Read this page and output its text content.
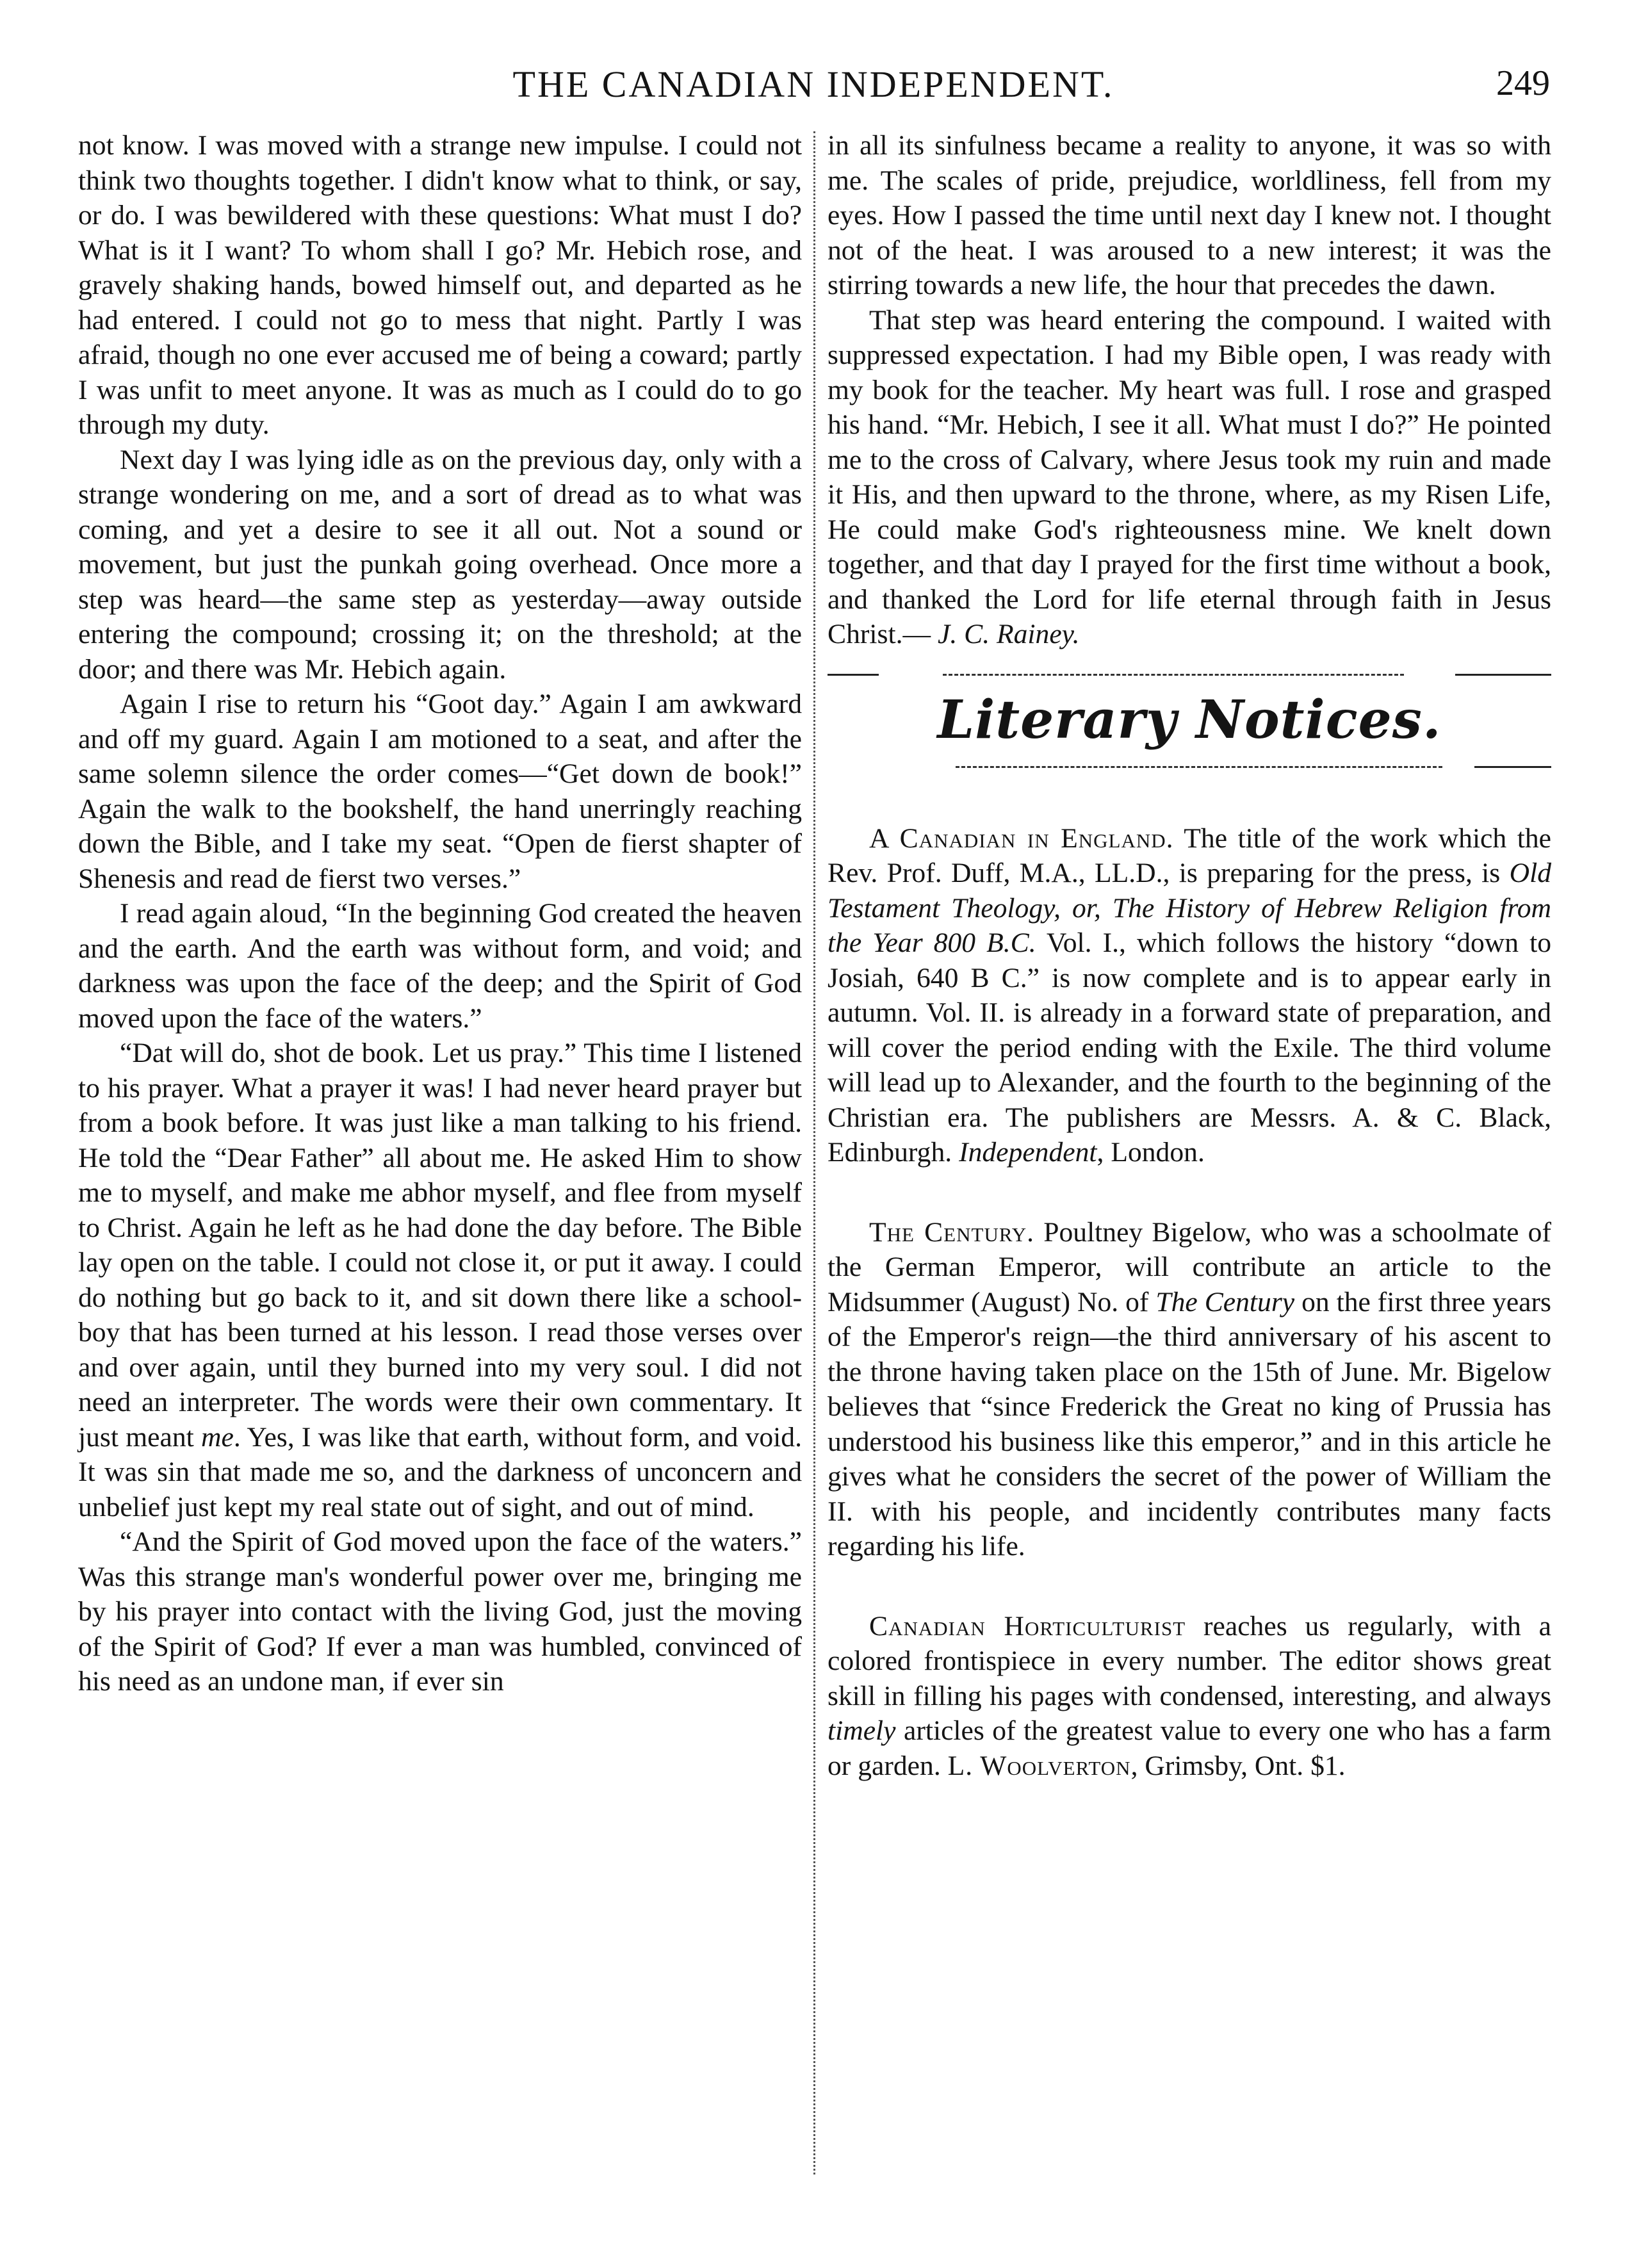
THE CANADIAN INDEPENDENT.	249

not know. I was moved with a strange new impulse. I could not think two thoughts together. I didn't know what to think, or say, or do. I was bewildered with these questions: What must I do? What is it I want? To whom shall I go? Mr. Hebich rose, and gravely shaking hands, bowed himself out, and departed as he had entered. I could not go to mess that night. Partly I was afraid, though no one ever accused me of being a coward; partly I was unfit to meet anyone. It was as much as I could do to go through my duty.

Next day I was lying idle as on the previous day, only with a strange wondering on me, and a sort of dread as to what was coming, and yet a desire to see it all out. Not a sound or movement, but just the punkah going overhead. Once more a step was heard—the same step as yesterday—away outside entering the compound; crossing it; on the threshold; at the door; and there was Mr. Hebich again.

Again I rise to return his “Goot day.” Again I am awkward and off my guard. Again I am motioned to a seat, and after the same solemn silence the order comes—“Get down de book!” Again the walk to the bookshelf, the hand unerringly reaching down the Bible, and I take my seat. “Open de fierst shapter of Shenesis and read de fierst two verses.”

I read again aloud, “In the beginning God created the heaven and the earth. And the earth was without form, and void; and darkness was upon the face of the deep; and the Spirit of God moved upon the face of the waters.”

“Dat will do, shot de book. Let us pray.” This time I listened to his prayer. What a prayer it was! I had never heard prayer but from a book before. It was just like a man talking to his friend. He told the “Dear Father” all about me. He asked Him to show me to myself, and make me abhor myself, and flee from myself to Christ. Again he left as he had done the day before. The Bible lay open on the table. I could not close it, or put it away. I could do nothing but go back to it, and sit down there like a school-boy that has been turned at his lesson. I read those verses over and over again, until they burned into my very soul. I did not need an interpreter. The words were their own commentary. It just meant me. Yes, I was like that earth, without form, and void. It was sin that made me so, and the darkness of unconcern and unbelief just kept my real state out of sight, and out of mind.

“And the Spirit of God moved upon the face of the waters.” Was this strange man's wonderful power over me, bringing me by his prayer into contact with the living God, just the moving of the Spirit of God? If ever a man was humbled, convinced of his need as an undone man, if ever sin

in all its sinfulness became a reality to anyone, it was so with me. The scales of pride, prejudice, worldliness, fell from my eyes. How I passed the time until next day I knew not. I thought not of the heat. I was aroused to a new interest; it was the stirring towards a new life, the hour that precedes the dawn.

That step was heard entering the compound. I waited with suppressed expectation. I had my Bible open, I was ready with my book for the teacher. My heart was full. I rose and grasped his hand. “Mr. Hebich, I see it all. What must I do?” He pointed me to the cross of Calvary, where Jesus took my ruin and made it His, and then upward to the throne, where, as my Risen Life, He could make God's righteousness mine. We knelt down together, and that day I prayed for the first time without a book, and thanked the Lord for life eternal through faith in Jesus Christ.— J. C. Rainey.

Literary Notices.

A Canadian in England. The title of the work which the Rev. Prof. Duff, M.A., LL.D., is preparing for the press, is Old Testament Theology, or, The History of Hebrew Religion from the Year 800 B.C. Vol. I., which follows the history “down to Josiah, 640 B C.” is now complete and is to appear early in autumn. Vol. II. is already in a forward state of preparation, and will cover the period ending with the Exile. The third volume will lead up to Alexander, and the fourth to the beginning of the Christian era. The publishers are Messrs. A. & C. Black, Edinburgh. Independent, London.

The Century. Poultney Bigelow, who was a schoolmate of the German Emperor, will contribute an article to the Midsummer (August) No. of The Century on the first three years of the Emperor's reign—the third anniversary of his ascent to the throne having taken place on the 15th of June. Mr. Bigelow believes that “since Frederick the Great no king of Prussia has understood his business like this emperor,” and in this article he gives what he considers the secret of the power of William the II. with his people, and incidently contributes many facts regarding his life.

Canadian Horticulturist reaches us regularly, with a colored frontispiece in every number. The editor shows great skill in filling his pages with condensed, interesting, and always timely articles of the greatest value to every one who has a farm or garden. L. Woolverton, Grimsby, Ont. $1.
